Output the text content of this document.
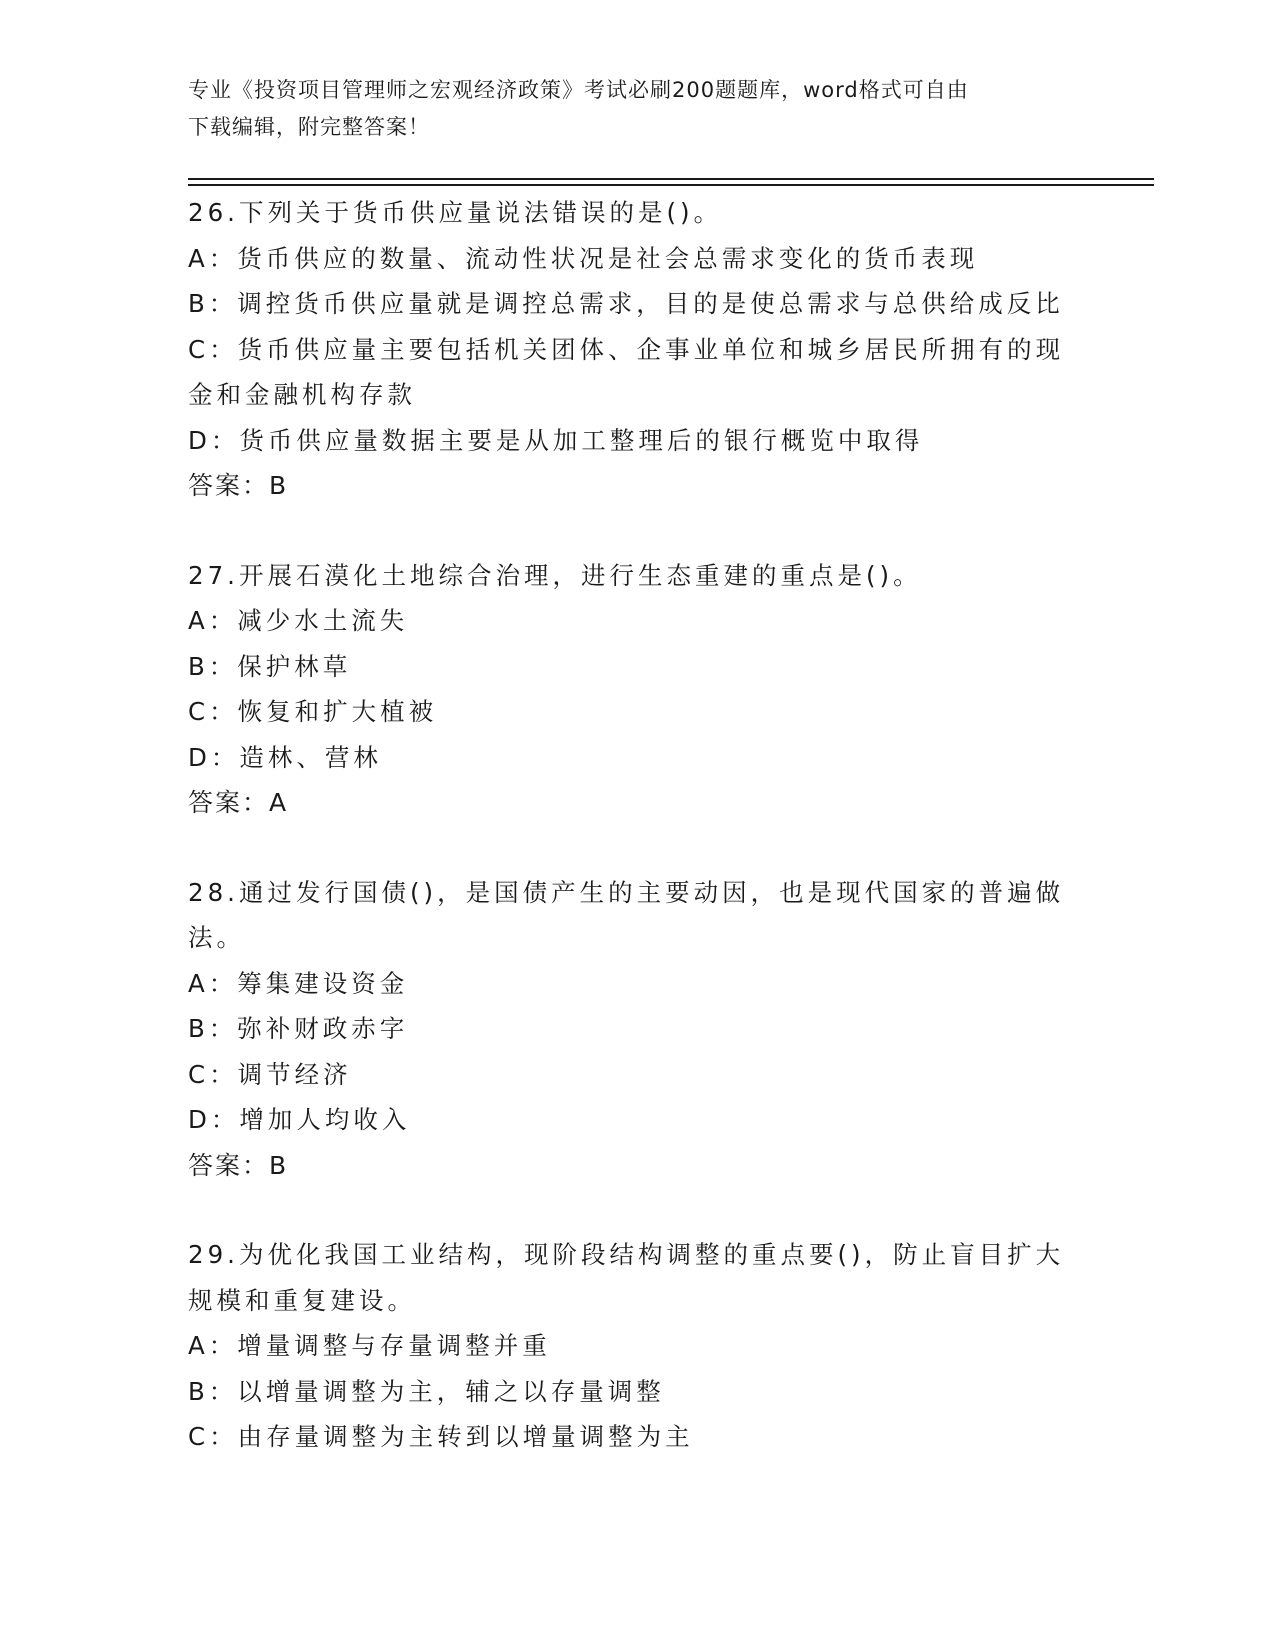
专业《投资项目管理师之宏观经济政策》考试必刷200题题库，word格式可自由
下载编辑，附完整答案！
26.下列关于货币供应量说法错误的是()。
A：货币供应的数量、流动性状况是社会总需求变化的货币表现
B：调控货币供应量就是调控总需求，目的是使总需求与总供给成反比
C：货币供应量主要包括机关团体、企事业单位和城乡居民所拥有的现
金和金融机构存款
D：货币供应量数据主要是从加工整理后的银行概览中取得
答案：B
27.开展石漠化土地综合治理，进行生态重建的重点是()。
A：减少水土流失
B：保护林草
C：恢复和扩大植被
D：造林、营林
答案：A
28.通过发行国债()，是国债产生的主要动因，也是现代国家的普遍做
法。
A：筹集建设资金
B：弥补财政赤字
C：调节经济
D：增加人均收入
答案：B
29.为优化我国工业结构，现阶段结构调整的重点要()，防止盲目扩大
规模和重复建设。
A：增量调整与存量调整并重
B：以增量调整为主，辅之以存量调整
C：由存量调整为主转到以增量调整为主
